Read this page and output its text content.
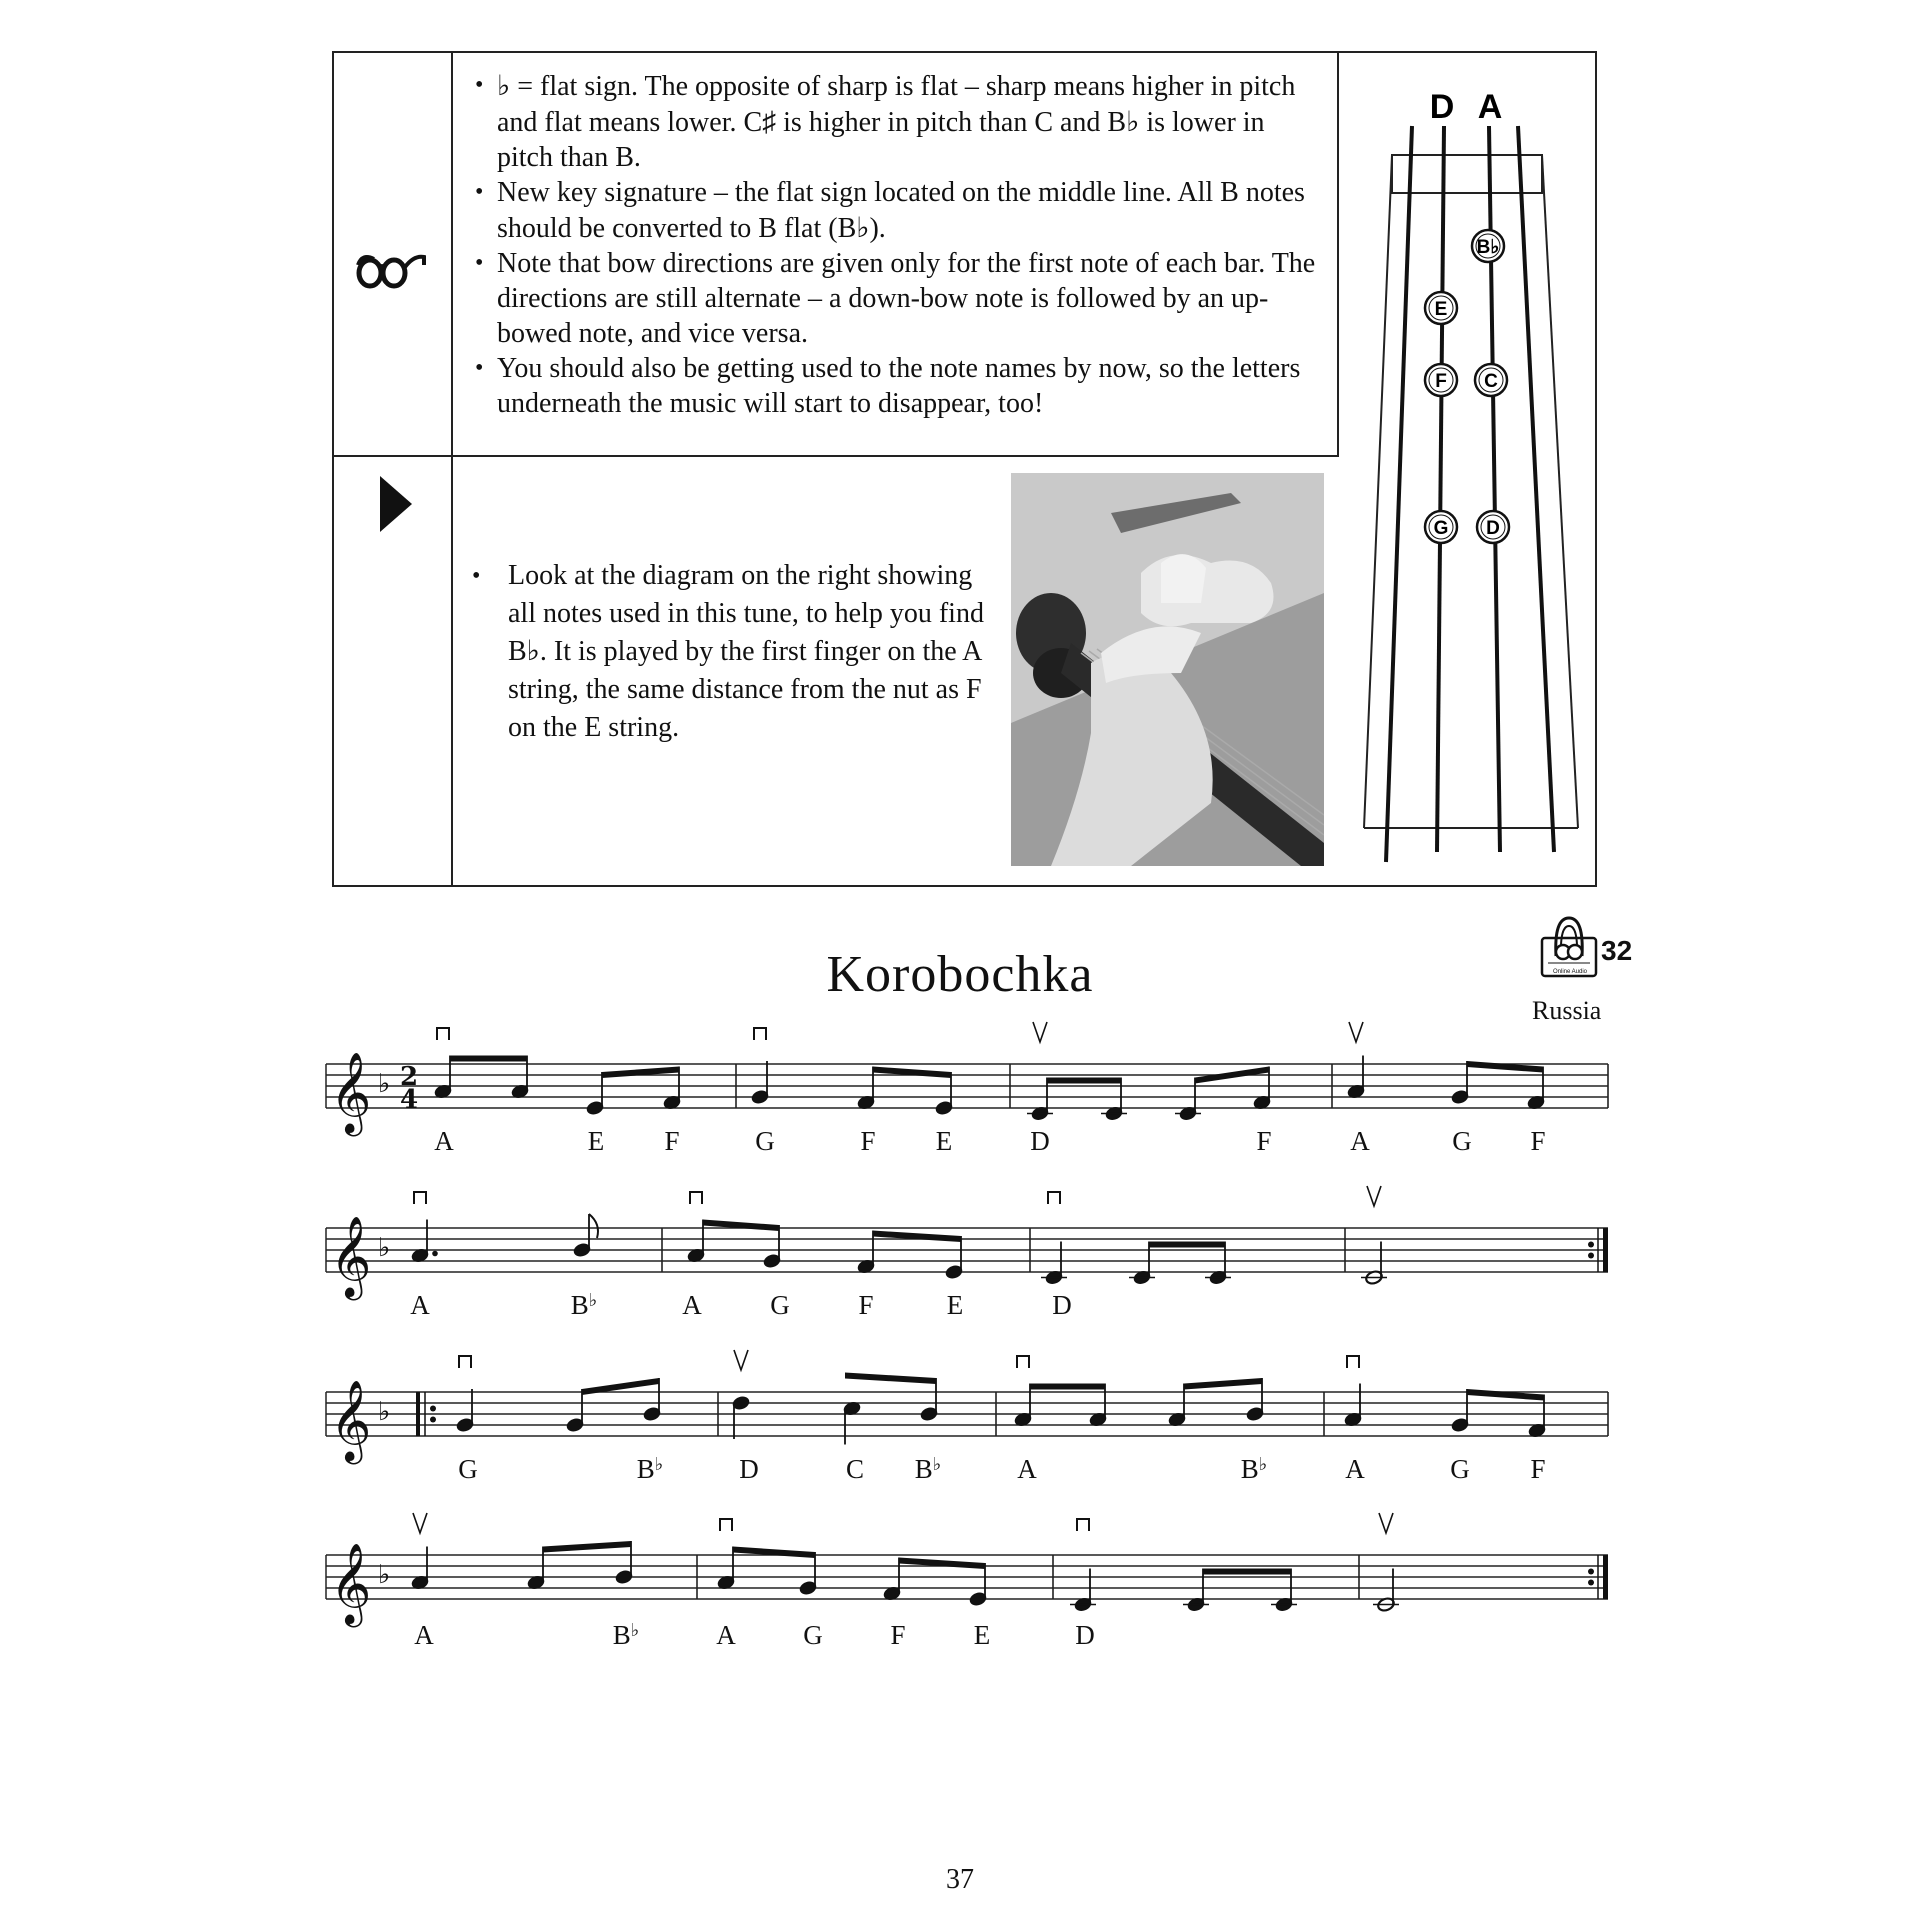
• ♭ = flat sign. The opposite of sharp is flat – sharp means higher in pitch and flat means lower. C♯ is higher in pitch than C and B♭ is lower in pitch than B.
• New key signature – the flat sign located on the middle line. All B notes should be converted to B flat (B♭).
• Note that bow directions are given only for the first note of each bar. The directions are still alternate – a down-bow note is followed by an up-bowed note, and vice versa.
• You should also be getting used to the note names by now, so the letters underneath the music will start to disappear, too!
• Look at the diagram on the right showing all notes used in this tune, to help you find B♭. It is played by the first finger on the A string, the same distance from the nut as F on the E string.
D A
B♭
E
F C
G D
Online Audio
32
Korobochka
Russia
𝄞 ♭ 2
4
A	E F	G	F E	D	F	A	G F
𝄞 ♭
A	B♭	A	G	F	E	D
𝄞 ♭
G	B♭	D	C B♭	A	B♭	A	G F
𝄞 ♭
A	B♭	A	G	F	E	D
37
